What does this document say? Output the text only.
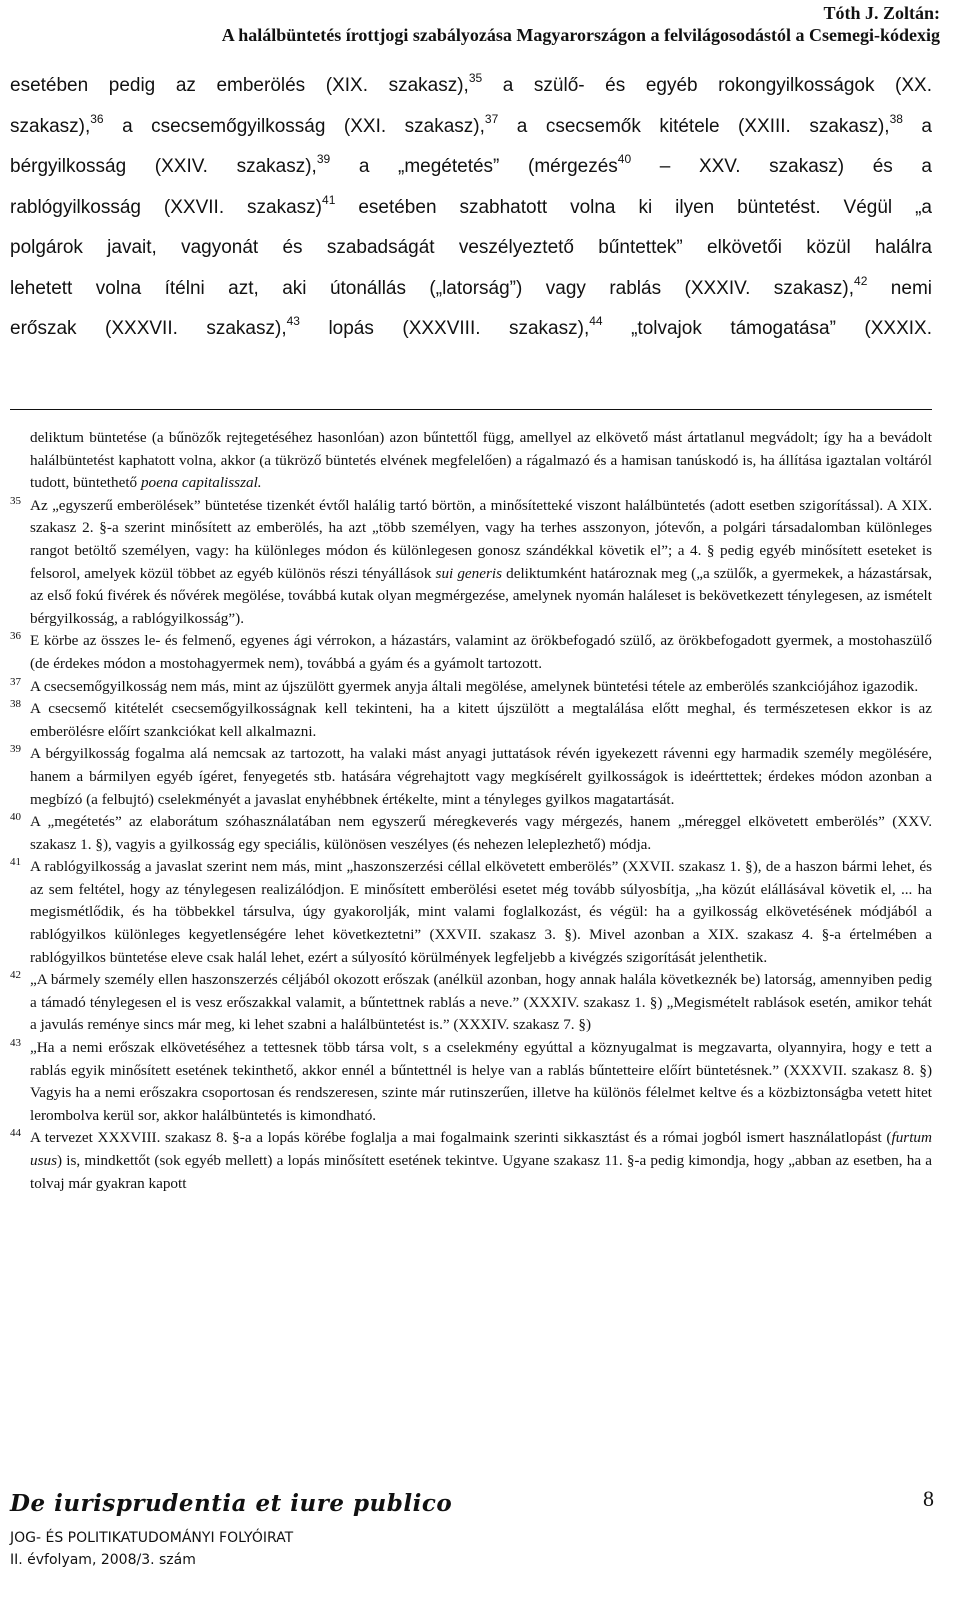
Tóth J. Zoltán:
A halálbüntetés írottjogi szabályozása Magyarországon a felvilágosodástól a Csemegi-kódexig
esetében pedig az emberölés (XIX. szakasz),$^{35}$ a szülő- és egyéb rokongyilkosságok (XX.
szakasz),$^{36}$ a csecsemőgyilkosság (XXI. szakasz),$^{37}$ a csecsemők kitétele (XXIII. szakasz),$^{38}$ a
bérgyilkosság (XXIV. szakasz),$^{39}$ a „megétetés” (mérgezés$^{40}$ – XXV. szakasz) és a
rablógyilkosság (XXVII. szakasz)$^{41}$ esetében szabhatott volna ki ilyen büntetést. Végül „a
polgárok javait, vagyonát és szabadságát veszélyeztető bűntettek” elkövetői közül halálra
lehetett volna ítélni azt, aki útonállás („latorság”) vagy rablás (XXXIV. szakasz),$^{42}$ nemi
erőszak (XXXVII. szakasz),$^{43}$ lopás (XXXVIII. szakasz),$^{44}$ „tolvajok támogatása” (XXXIX.
deliktum büntetése (a bűnözők rejtegetéséhez hasonlóan) azon bűntettől függ, amellyel az elkövető mást ártatlanul megvádolt; így ha a bevádolt halálbüntetést kaphatott volna, akkor (a tükröző büntetés elvének megfelelően) a rágalmazó és a hamisan tanúskodó is, ha állítása igaztalan voltáról tudott, büntethető poena capitalisszal.
35 Az „egyszerű emberölések” büntetése tizenkét évtől halálig tartó börtön, a minősítetteké viszont halálbüntetés (adott esetben szigorítással). A XIX. szakasz 2. §-a szerint minősített az emberölés, ha azt „több személyen, vagy ha terhes asszonyon, jótevőn, a polgári társadalomban különleges rangot betöltő személyen, vagy: ha különleges módon és különlegesen gonosz szándékkal követik el”; a 4. § pedig egyéb minősített eseteket is felsorol, amelyek közül többet az egyéb különös részi tényállások sui generis deliktumként határoznak meg („a szülők, a gyermekek, a házastársak, az első fokú fivérek és nővérek megölése, továbbá kutak olyan megmérgezése, amelynek nyomán haláleset is bekövetkezett ténylegesen, az ismételt bérgyilkosság, a rablógyilkosság”).
36 E körbe az összes le- és felmenő, egyenes ági vérrokon, a házastárs, valamint az örökbefogadó szülő, az örökbefogadott gyermek, a mostohaszülő (de érdekes módon a mostohagyermek nem), továbbá a gyám és a gyámolt tartozott.
37 A csecsemőgyilkosság nem más, mint az újszülött gyermek anyja általi megölése, amelynek büntetési tétele az emberölés szankciójához igazodik.
38 A csecsemő kitételét csecsemőgyilkosságnak kell tekinteni, ha a kitett újszülött a megtalálása előtt meghal, és természetesen ekkor is az emberölésre előírt szankciókat kell alkalmazni.
39 A bérgyilkosság fogalma alá nemcsak az tartozott, ha valaki mást anyagi juttatások révén igyekezett rávenni egy harmadik személy megölésére, hanem a bármilyen egyéb ígéret, fenyegetés stb. hatására végrehajtott vagy megkísérelt gyilkosságok is ideérttettek; érdekes módon azonban a megbízó (a felbujtó) cselekményét a javaslat enyhébbnek értékelte, mint a tényleges gyilkos magatartását.
40 A „megétetés” az elaborátum szóhasználatában nem egyszerű méregkeverés vagy mérgezés, hanem „méreggel elkövetett emberölés” (XXV. szakasz 1. §), vagyis a gyilkosság egy speciális, különösen veszélyes (és nehezen leleplezhető) módja.
41 A rablógyilkosság a javaslat szerint nem más, mint „haszonszerzési céllal elkövetett emberölés” (XXVII. szakasz 1. §), de a haszon bármi lehet, és az sem feltétel, hogy az ténylegesen realizálódjon. E minősített emberölési esetet még tovább súlyosbítja, „ha közút elállásával követik el, ... ha megismétlődik, és ha többekkel társulva, úgy gyakorolják, mint valami foglalkozást, és végül: ha a gyilkosság elkövetésének módjából a rablógyilkos különleges kegyetlenségére lehet következtetni” (XXVII. szakasz 3. §). Mivel azonban a XIX. szakasz 4. §-a értelmében a rablógyilkos büntetése eleve csak halál lehet, ezért a súlyosító körülmények legfeljebb a kivégzés szigorítását jelenthetik.
42 „A bármely személy ellen haszonszerzés céljából okozott erőszak (anélkül azonban, hogy annak halála következnék be) latorság, amennyiben pedig a támadó ténylegesen el is vesz erőszakkal valamit, a bűntettnek rablás a neve.” (XXXIV. szakasz 1. §) „Megismételt rablások esetén, amikor tehát a javulás reménye sincs már meg, ki lehet szabni a halálbüntetést is.” (XXXIV. szakasz 7. §)
43 „Ha a nemi erőszak elkövetéséhez a tettesnek több társa volt, s a cselekmény egyúttal a köznyugalmat is megzavarta, olyannyira, hogy e tett a rablás egyik minősített esetének tekinthető, akkor ennél a bűntettnél is helye van a rablás bűntetteire előírt büntetésnek.” (XXXVII. szakasz 8. §) Vagyis ha a nemi erőszakra csoportosan és rendszeresen, szinte már rutinszerűen, illetve ha különös félelmet keltve és a közbiztonságba vetett hitet lerombolva kerül sor, akkor halálbüntetés is kimondható.
44 A tervezet XXXVIII. szakasz 8. §-a a lopás körébe foglalja a mai fogalmaink szerinti sikkasztást és a római jogból ismert használatlopást (furtum usus) is, mindkettőt (sok egyéb mellett) a lopás minősített esetének tekintve. Ugyane szakasz 11. §-a pedig kimondja, hogy „abban az esetben, ha a tolvaj már gyakran kapott
De iurisprudentia et iure publico	8
JOG- ÉS POLITIKATUDOMÁNYI FOLYÓIRAT
II. évfolyam, 2008/3. szám
